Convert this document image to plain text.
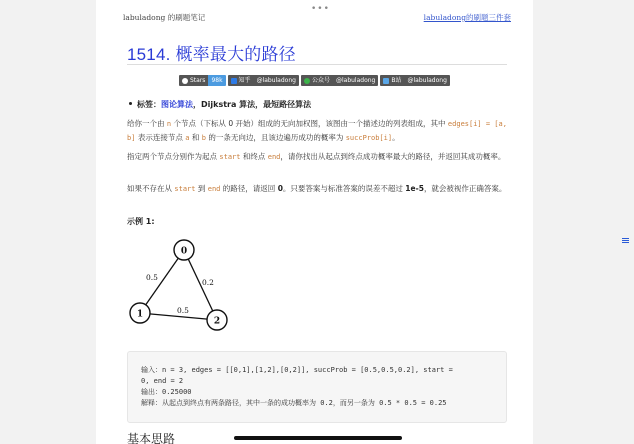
labuladong 的刷题笔记	labuladong的刷题三件套
1514. 概率最大的路径
Stars	98k	知乎	@labuladong	公众号	@labuladong	B站	@labuladong
标签：图论算法，Dijkstra 算法，最短路径算法
给你一个由 n 个节点（下标从 0 开始）组成的无向加权图，该图由一个描述边的列表组成，其中 edges[i] = [a, b] 表示连接节点 a 和 b 的一条无向边，且该边遍历成功的概率为 succProb[i]。
指定两个节点分别作为起点 start 和终点 end，请你找出从起点到终点成功概率最大的路径，并返回其成功概率。
如果不存在从 start 到 end 的路径，请返回 0。只要答案与标准答案的误差不超过 1e-5，就会被视作正确答案。
示例 1:
0
1
2
0.5
0.2
0.5
输入：n = 3, edges = [[0,1],[1,2],[0,2]], succProb = [0.5,0.5,0.2], start =
0, end = 2
输出：0.25000
解释：从起点到终点有两条路径，其中一条的成功概率为 0.2，而另一条为 0.5 * 0.5 = 0.25
基本思路
•••
